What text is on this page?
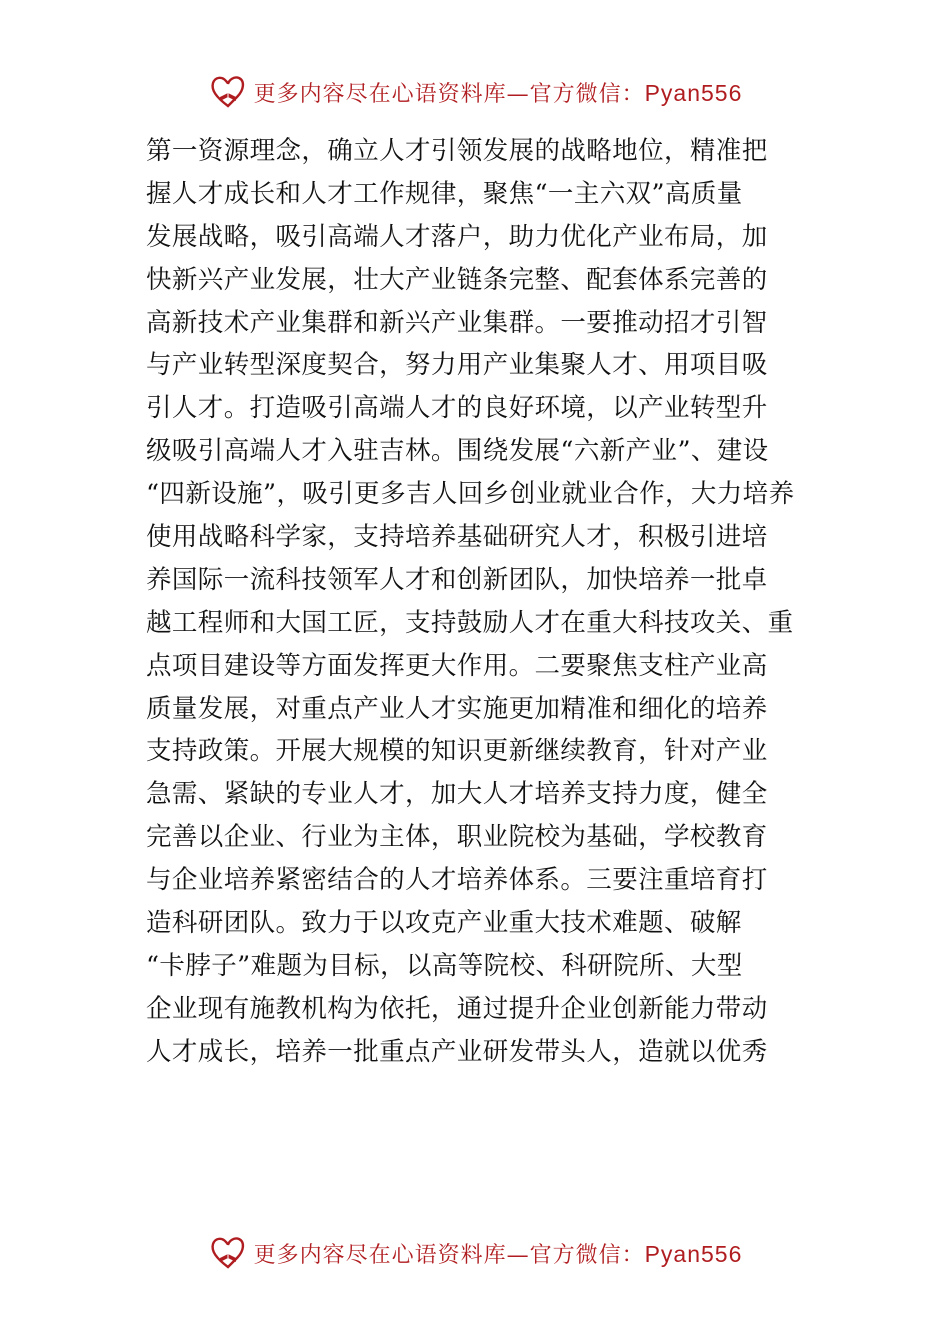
更多内容尽在心语资料库—官方微信：Pyan556
第一资源理念，确立人才引领发展的战略地位，精准把
握人才成长和人才工作规律，聚焦“一主六双”高质量
发展战略，吸引高端人才落户，助力优化产业布局，加
快新兴产业发展，壮大产业链条完整、配套体系完善的
高新技术产业集群和新兴产业集群。一要推动招才引智
与产业转型深度契合，努力用产业集聚人才、用项目吸
引人才。打造吸引高端人才的良好环境，以产业转型升
级吸引高端人才入驻吉林。围绕发展“六新产业”、建设
“四新设施”，吸引更多吉人回乡创业就业合作，大力培养
使用战略科学家，支持培养基础研究人才，积极引进培
养国际一流科技领军人才和创新团队，加快培养一批卓
越工程师和大国工匠，支持鼓励人才在重大科技攻关、重
点项目建设等方面发挥更大作用。二要聚焦支柱产业高
质量发展，对重点产业人才实施更加精准和细化的培养
支持政策。开展大规模的知识更新继续教育，针对产业
急需、紧缺的专业人才，加大人才培养支持力度，健全
完善以企业、行业为主体，职业院校为基础，学校教育
与企业培养紧密结合的人才培养体系。三要注重培育打
造科研团队。致力于以攻克产业重大技术难题、破解
“卡脖子”难题为目标，以高等院校、科研院所、大型
企业现有施教机构为依托，通过提升企业创新能力带动
人才成长，培养一批重点产业研发带头人，造就以优秀
更多内容尽在心语资料库—官方微信：Pyan556
